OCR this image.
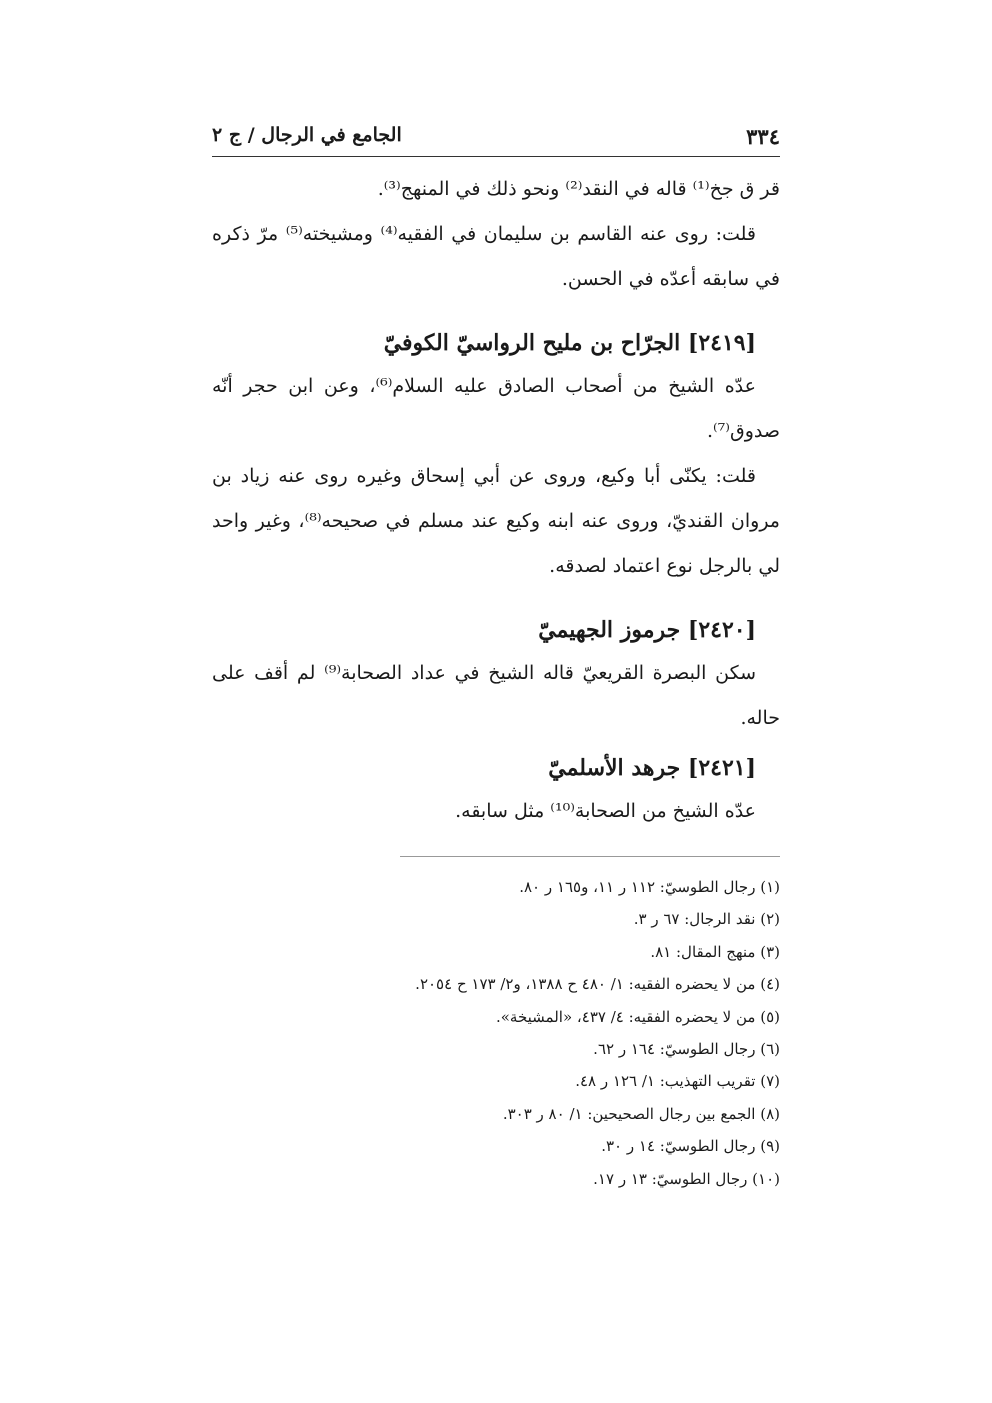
٣٣٤
الجامع في الرجال / ج ٢

قر ق جخ⁽¹⁾ قاله في النقد⁽²⁾ ونحو ذلك في المنهج⁽³⁾.

قلت: روى عنه القاسم بن سليمان في الفقيه⁽⁴⁾ ومشيخته⁽⁵⁾ مرّ ذكره في سابقه أعدّه في الحسن.

[٢٤١٩] الجرّاح بن مليح الرواسيّ الكوفيّ

عدّه الشيخ من أصحاب الصادق عليه السلام⁽⁶⁾، وعن ابن حجر أنّه صدوق⁽⁷⁾.

قلت: يكنّى أبا وكيع، وروى عن أبي إسحاق وغيره روى عنه زياد بن مروان القنديّ، وروى عنه ابنه وكيع عند مسلم في صحيحه⁽⁸⁾، وغير واحد لي بالرجل نوع اعتماد لصدقه.

[٢٤٢٠] جرموز الجهيميّ

سكن البصرة القريعيّ قاله الشيخ في عداد الصحابة⁽⁹⁾ لم أقف على حاله.

[٢٤٢١] جرهد الأسلميّ

عدّه الشيخ من الصحابة⁽¹⁰⁾ مثل سابقه.

(١) رجال الطوسيّ: ١١٢ ر ١١، و١٦٥ ر ٨٠.

(٢) نقد الرجال: ٦٧ ر ٣.

(٣) منهج المقال: ٨١.

(٤) من لا يحضره الفقيه: ١/ ٤٨٠ ح ١٣٨٨، و٢/ ١٧٣ ح ٢٠٥٤.

(٥) من لا يحضره الفقيه: ٤/ ٤٣٧، «المشيخة».

(٦) رجال الطوسيّ: ١٦٤ ر ٦٢.

(٧) تقريب التهذيب: ١/ ١٢٦ ر ٤٨.

(٨) الجمع بين رجال الصحيحين: ١/ ٨٠ ر ٣٠٣.

(٩) رجال الطوسيّ: ١٤ ر ٣٠.

(١٠) رجال الطوسيّ: ١٣ ر ١٧.
